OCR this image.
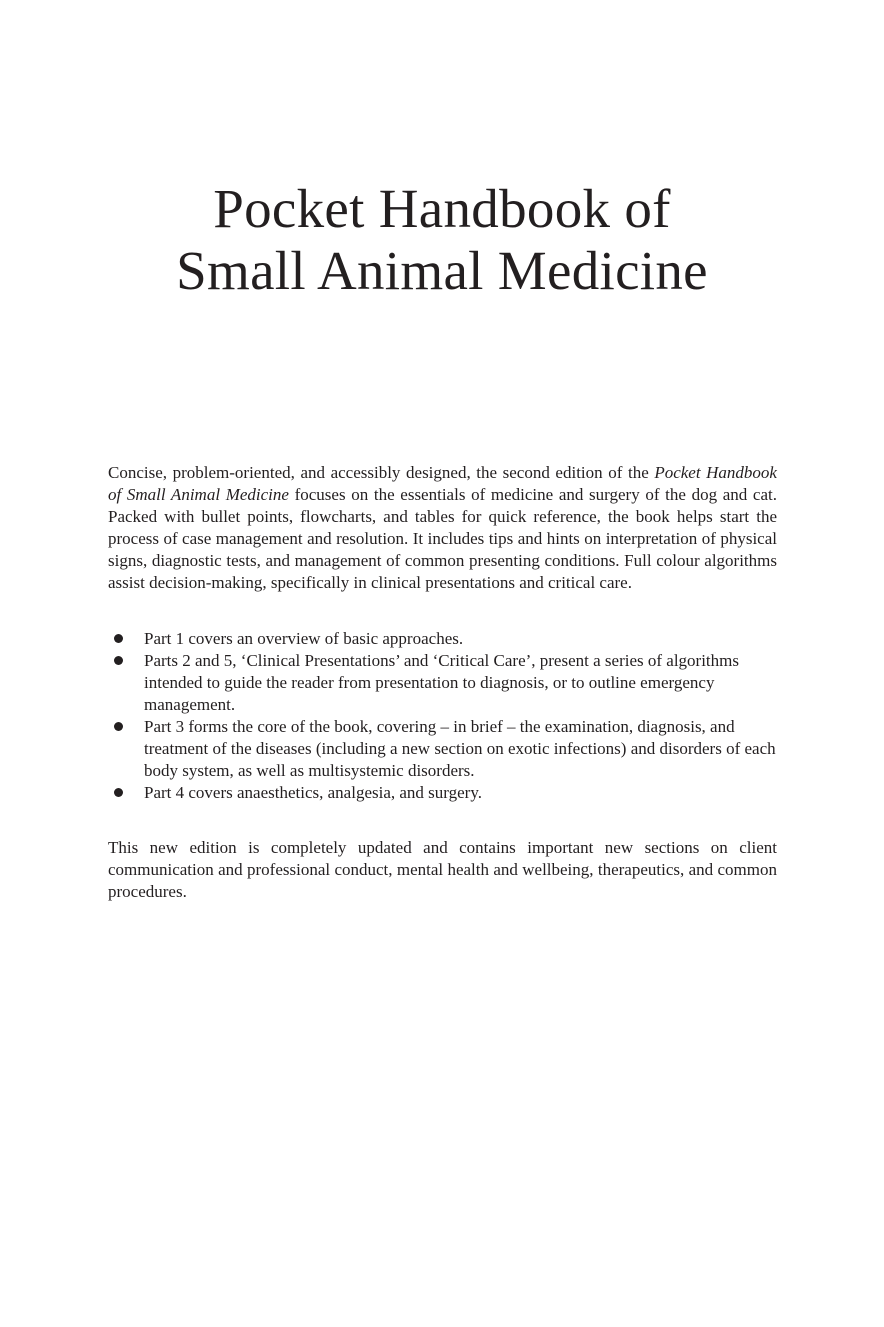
Pocket Handbook of
Small Animal Medicine

Concise, problem-oriented, and accessibly designed, the second edition of the Pocket Handbook of Small Animal Medicine focuses on the essentials of medicine and surgery of the dog and cat. Packed with bullet points, flowcharts, and tables for quick reference, the book helps start the process of case management and resolution. It includes tips and hints on interpretation of physical signs, diagnostic tests, and management of common presenting conditions. Full colour algorithms assist decision-making, specifically in clinical presentations and critical care.

Part 1 covers an overview of basic approaches.
Parts 2 and 5, ‘Clinical Presentations’ and ‘Critical Care’, present a series of algorithms intended to guide the reader from presentation to diagnosis, or to outline emergency management.
Part 3 forms the core of the book, covering – in brief – the examination, diagnosis, and treatment of the diseases (including a new section on exotic infections) and disorders of each body system, as well as multisystemic disorders.
Part 4 covers anaesthetics, analgesia, and surgery.

This new edition is completely updated and contains important new sections on client communication and professional conduct, mental health and wellbeing, therapeutics, and common procedures.
